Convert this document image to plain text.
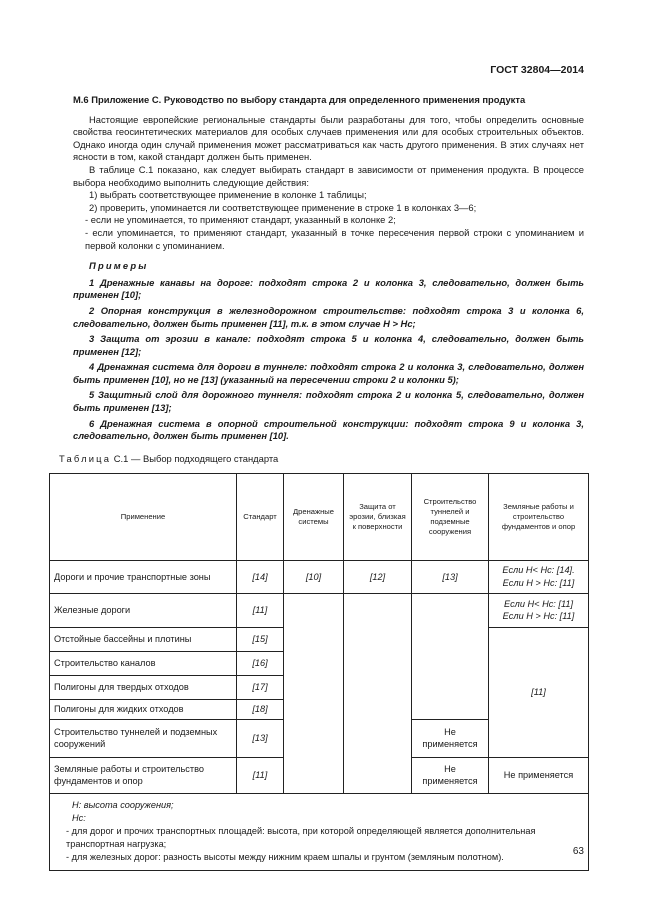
ГОСТ 32804—2014

М.6 Приложение С. Руководство по выбору стандарта для определенного применения продукта

Настоящие европейские региональные стандарты были разработаны для того, чтобы определить основные свойства геосинтетических материалов для особых случаев применения или для особых строительных объектов. Однако иногда один случай применения может рассматриваться как часть другого применения. В этих случаях нет ясности в том, какой стандарт должен быть применен.

В таблице С.1 показано, как следует выбирать стандарт в зависимости от применения продукта. В процессе выбора необходимо выполнить следующие действия:

1) выбрать соответствующее применение в колонке 1 таблицы;

2) проверить, упоминается ли соответствующее применение в строке 1 в колонках 3—6;

- если не упоминается, то применяют стандарт, указанный в колонке 2;

- если упоминается, то применяют стандарт, указанный в точке пересечения первой строки с упоминанием и первой колонки с упоминанием.

Примеры

1 Дренажные канавы на дороге: подходят строка 2 и колонка 3, следовательно, должен быть применен [10];

2 Опорная конструкция в железнодорожном строительстве: подходят строка 3 и колонка 6, следовательно, должен быть применен [11], т.к. в этом случае H > Hc;

3 Защита от эрозии в канале: подходят строка 5 и колонка 4, следовательно, должен быть применен [12];

4 Дренажная система для дороги в туннеле: подходят строка 2 и колонка 3, следовательно, должен быть применен [10], но не [13] (указанный на пересечении строки 2 и колонки 5);

5 Защитный слой для дорожного туннеля: подходят строка 2 и колонка 5, следовательно, должен быть применен [13];

6 Дренажная система в опорной строительной конструкции: подходят строка 9 и колонка 3, следовательно, должен быть применен [10].

Таблица С.1 — Выбор подходящего стандарта

Применение	Стандарт	Дренажные системы	Защита от эрозии, близкая к поверхности	Строительство туннелей и подземные сооружения	Земляные работы и строительство фундаментов и опор
Дороги и прочие транспортные зоны	[14]	[10]	[12]	[13]	Если H< Hc: [14].
Если H > Hc: [11]

Железные дороги	[11]				Если H< Hc: [11]
Если H > Hc: [11]

Отстойные бассейны и плотины	[15]				[11]
Строительство каналов	[16]				
Полигоны для твердых отходов	[17]				
Полигоны для жидких отходов	[18]				
Строительство туннелей и подземных сооружений	[13]			Не применяется	
Земляные работы и строительство фундаментов и опор	[11]			Не применяется	Не применяется

H: высота сооружения;
Hc:
- для дорог и прочих транспортных площадей: высота, при которой определяющей является дополнительная транспортная нагрузка;
- для железных дорог: разность высоты между нижним краем шпалы и грунтом (земляным полотном).						63
